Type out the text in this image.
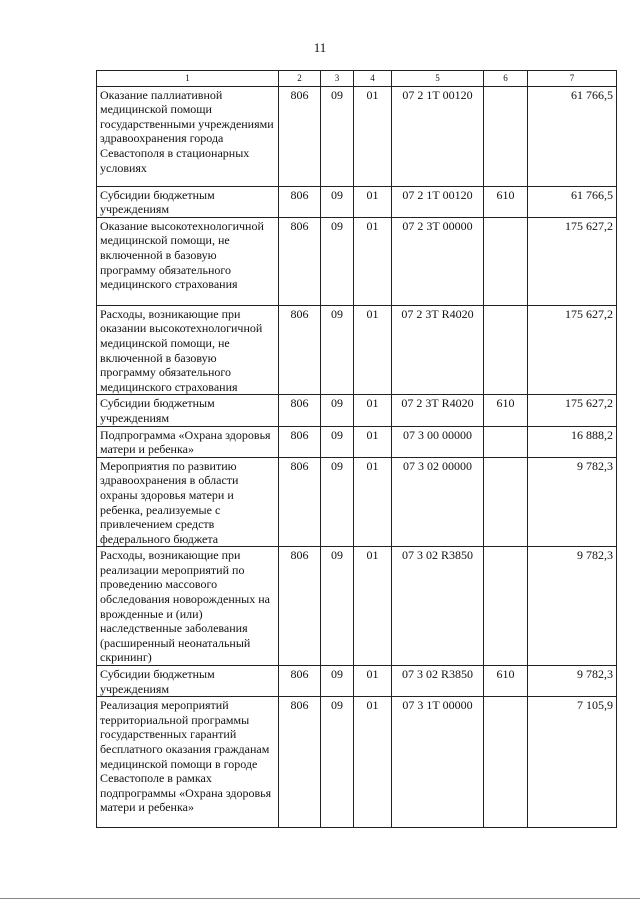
11
1	2	3	4	5	6	7
Оказание паллиативной медицинской помощи государственными учреждениями здравоохранения города Севастополя в стационарных условиях	806	09	01	07 2 1Т 00120		61 766,5
Субсидии бюджетным учреждениям	806	09	01	07 2 1Т 00120	610	61 766,5
Оказание высокотехнологичной медицинской помощи, не включенной в базовую программу обязательного медицинского страхования	806	09	01	07 2 3Т 00000		175 627,2
Расходы, возникающие при оказании высокотехнологичной медицинской помощи, не включенной в базовую программу обязательного медицинского страхования	806	09	01	07 2 3Т R4020		175 627,2
Субсидии бюджетным учреждениям	806	09	01	07 2 3Т R4020	610	175 627,2
Подпрограмма «Охрана здоровья матери и ребенка»	806	09	01	07 3 00 00000		16 888,2
Мероприятия по развитию здравоохранения в области охраны здоровья матери и ребенка, реализуемые с привлечением средств федерального бюджета	806	09	01	07 3 02 00000		9 782,3
Расходы, возникающие при реализации мероприятий по проведению массового обследования новорожденных на врожденные и (или) наследственные заболевания (расширенный неонатальный скрининг)	806	09	01	07 3 02 R3850		9 782,3
Субсидии бюджетным учреждениям	806	09	01	07 3 02 R3850	610	9 782,3
Реализация мероприятий территориальной программы государственных гарантий бесплатного оказания гражданам медицинской помощи в городе Севастополе в рамках подпрограммы «Охрана здоровья матери и ребенка»	806	09	01	07 3 1Т 00000		7 105,9
